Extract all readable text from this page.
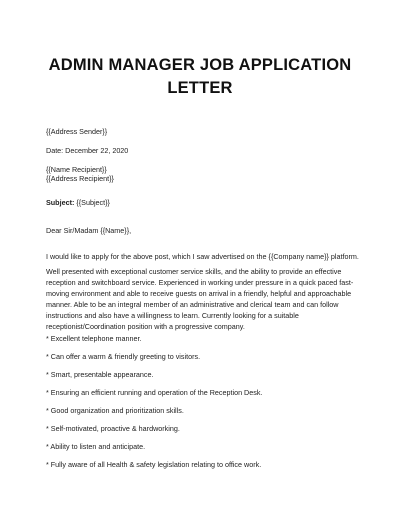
ADMIN MANAGER JOB APPLICATION
LETTER

{{Address Sender}}

Date: December 22, 2020

{{Name Recipient}}

{{Address Recipient}}

Subject: {{Subject}}

Dear Sir/Madam {{Name}},

I would like to apply for the above post, which I saw advertised on the {{Company name}} platform.

Well presented with exceptional customer service skills, and the ability to provide an effective reception and switchboard service. Experienced in working under pressure in a quick paced fast-moving environment and able to receive guests on arrival in a friendly, helpful and approachable manner. Able to be an integral member of an administrative and clerical team and can follow instructions and also have a willingness to learn. Currently looking for a suitable receptionist/Coordination position with a progressive company.

* Excellent telephone manner.

* Can offer a warm & friendly greeting to visitors.

* Smart, presentable appearance.

* Ensuring an efficient running and operation of the Reception Desk.

* Good organization and prioritization skills.

* Self-motivated, proactive & hardworking.

* Ability to listen and anticipate.

* Fully aware of all Health & safety legislation relating to office work.
